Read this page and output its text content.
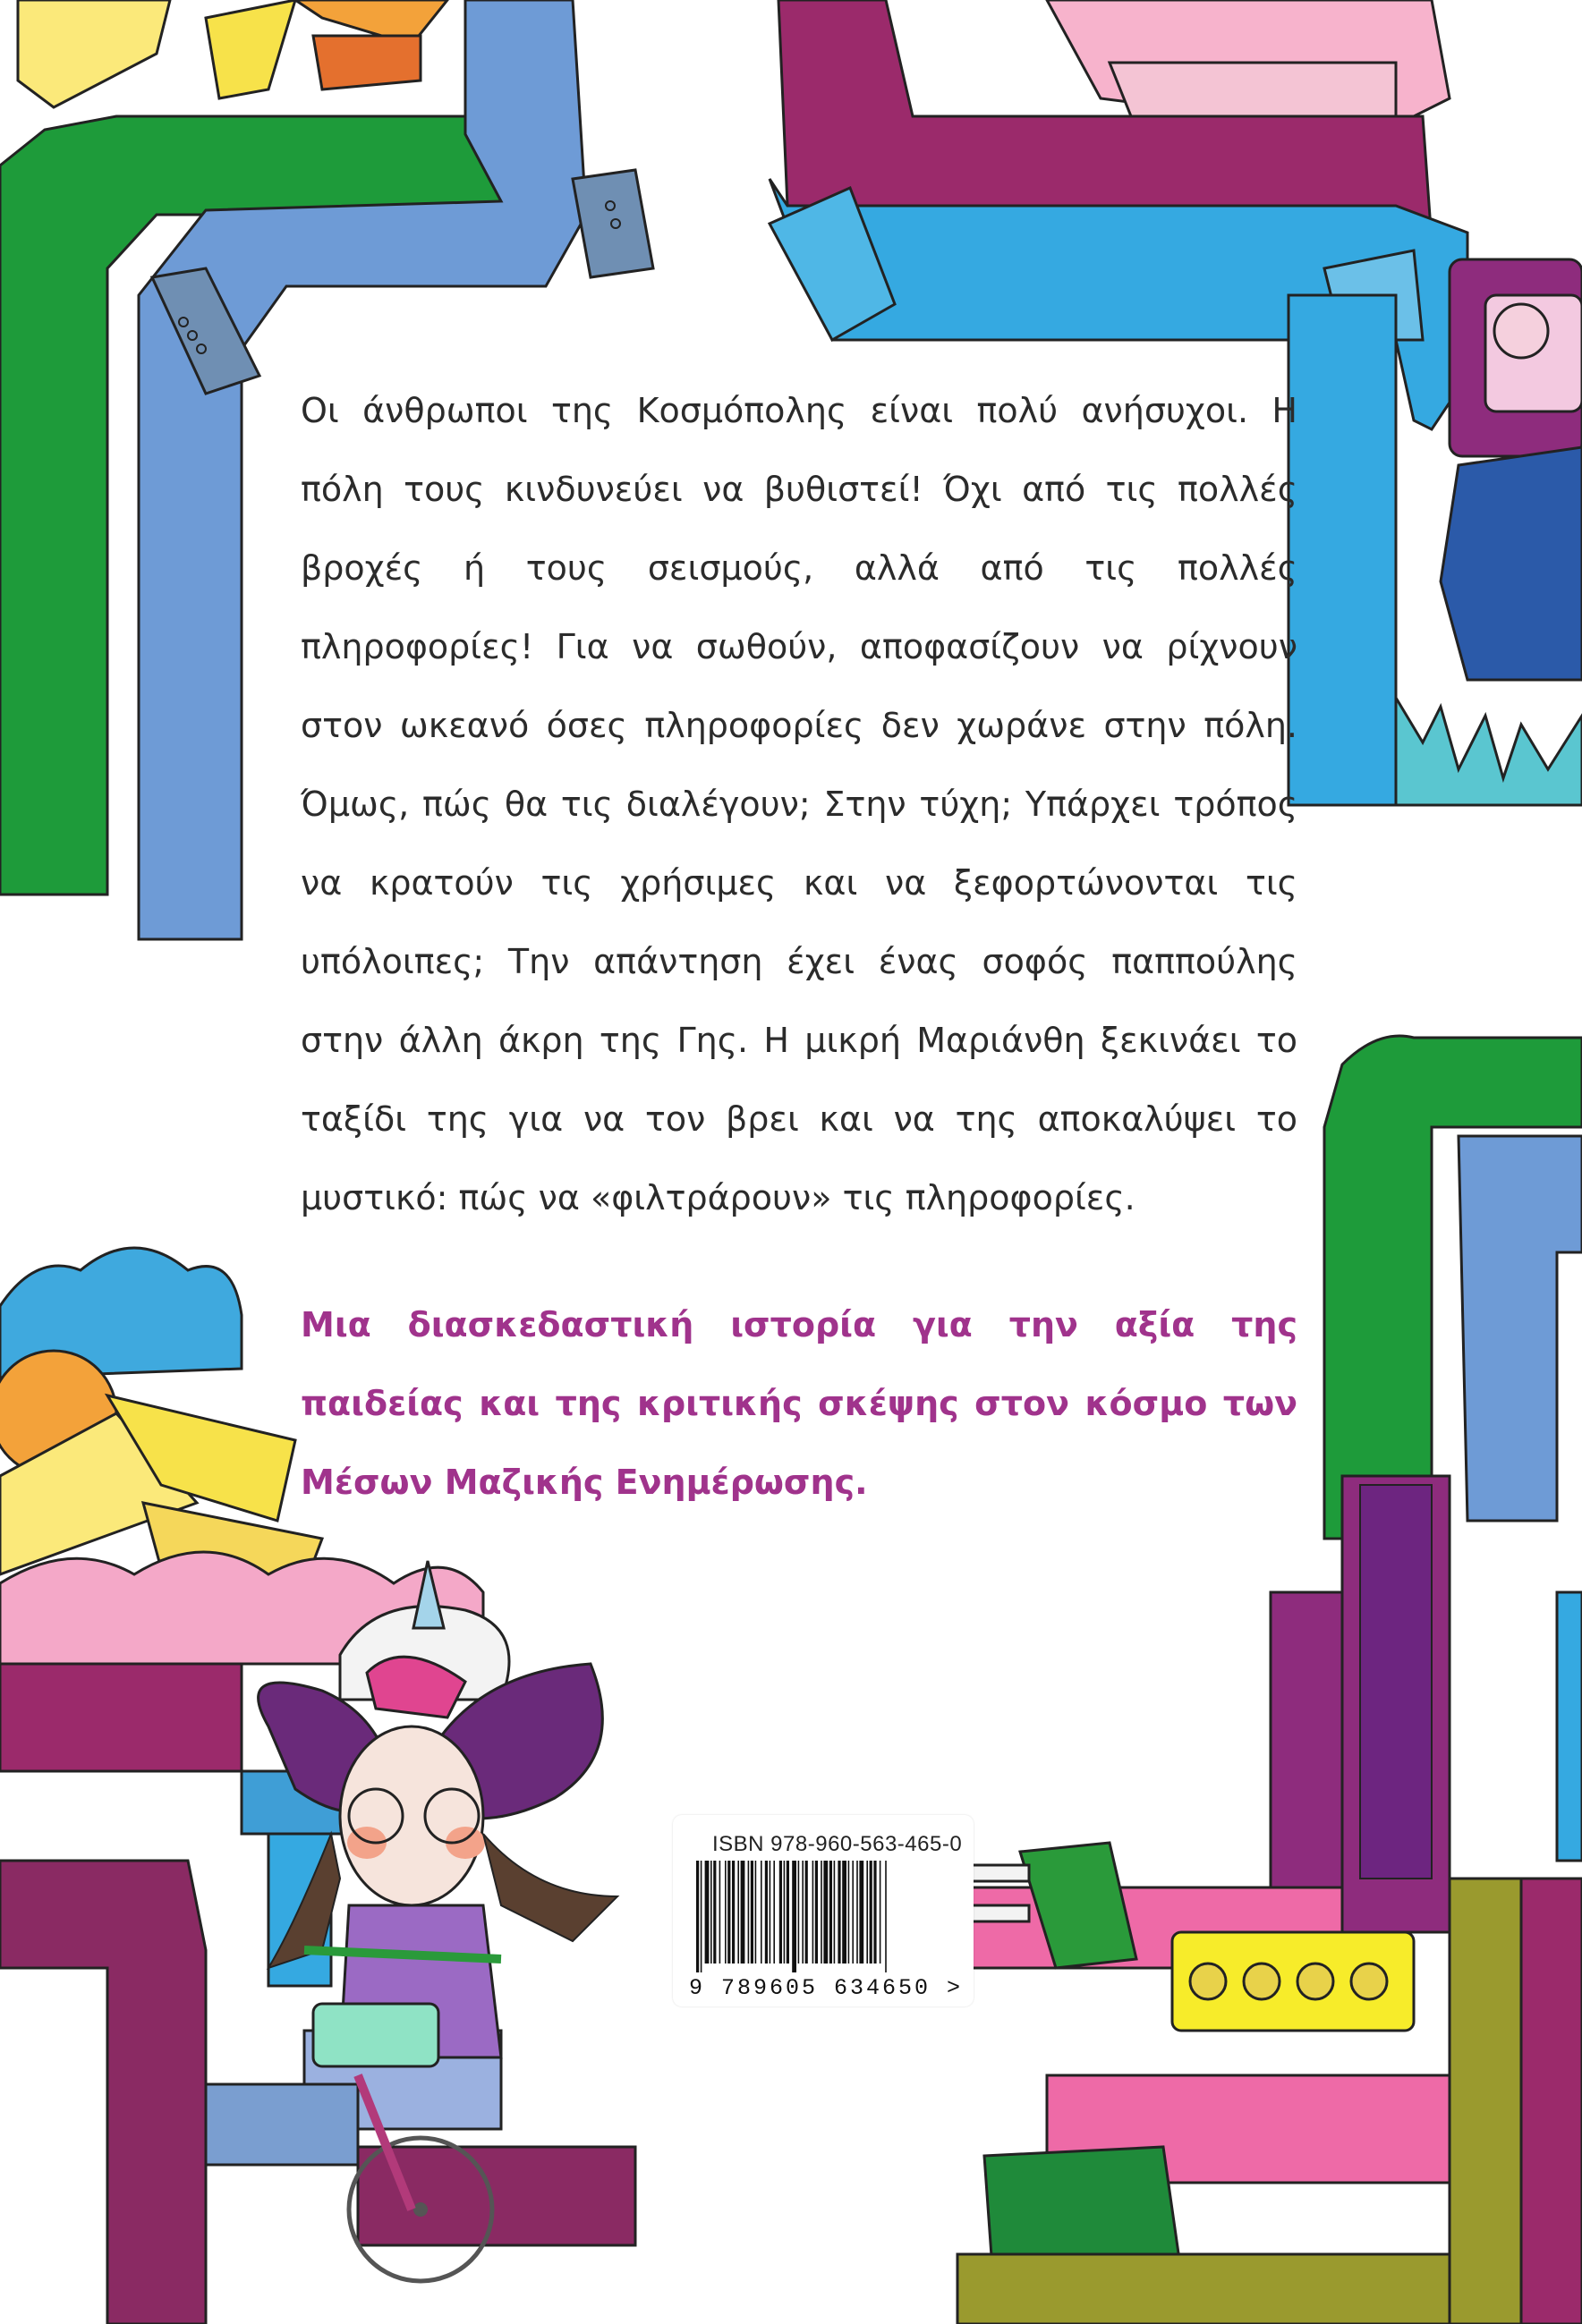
Οι άνθρωποι της Κοσμόπολης είναι πολύ ανήσυχοι. Η πόλη τους κινδυνεύει να βυθιστεί! Όχι από τις πολλές βροχές ή τους σεισμούς, αλλά από τις πολλές πληροφορίες! Για να σωθούν, αποφασίζουν να ρίχνουν στον ωκεανό όσες πληροφορίες δεν χωράνε στην πόλη. Όμως, πώς θα τις διαλέγουν; Στην τύχη; Υπάρχει τρόπος να κρατούν τις χρήσιμες και να ξεφορτώνονται τις υπόλοιπες; Την απάντηση έχει ένας σοφός παππούλης στην άλλη άκρη της Γης. Η μικρή Μαριάνθη ξεκινάει το ταξίδι της για να τον βρει και να της αποκαλύψει το μυστικό: πώς να «φιλτράρουν» τις πληροφορίες.

Μια διασκεδαστική ιστορία για την αξία της παιδείας και της κριτικής σκέψης στον κόσμο των Μέσων Μαζικής Ενημέρωσης.

ISBN 978-960-563-465-0
9 789605 634650 >
